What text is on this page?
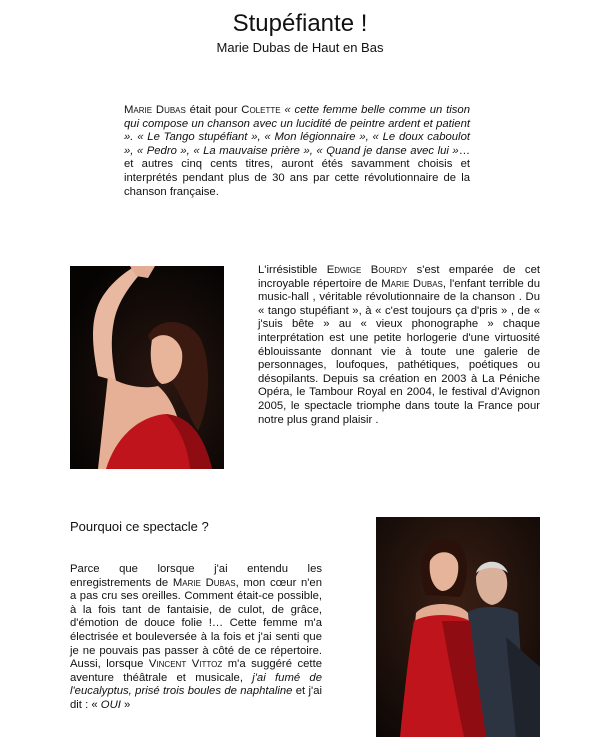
Stupéfiante !
Marie Dubas de Haut en Bas

Marie Dubas était pour Colette « cette femme belle comme un tison qui compose un chanson avec un lucidité de peintre ardent et patient ». « Le Tango stupéfiant », « Mon légionnaire », « Le doux caboulot », « Pedro », « La mauvaise prière », « Quand je danse avec lui »… et autres cinq cents titres, auront étés savamment choisis et interprétés pendant plus de 30 ans par cette révolutionnaire de la chanson française.

L'irrésistible Edwige Bourdy s'est emparée de cet incroyable répertoire de Marie Dubas, l'enfant terrible du music-hall , véritable révolutionnaire de la chanson . Du « tango stupéfiant », à « c'est toujours ça d'pris » , de « j'suis bête » au « vieux phonographe » chaque interprétation est une petite horlogerie d'une virtuosité éblouissante donnant vie à toute une galerie de personnages, loufoques, pathétiques, poétiques ou désopilants. Depuis sa création en 2003 à La Péniche Opéra, le Tambour Royal en 2004, le festival d'Avignon 2005, le spectacle triomphe dans toute la France pour notre plus grand plaisir .

Pourquoi ce spectacle ?

Parce que lorsque j'ai entendu les enregistrements de Marie Dubas, mon cœur n'en a pas cru ses oreilles. Comment était-ce possible, à la fois tant de fantaisie, de culot, de grâce, d'émotion de douce folie !… Cette femme m'a électrisée et bouleversée à la fois et j'ai senti que je ne pouvais pas passer à côté de ce répertoire. Aussi, lorsque Vincent Vittoz m'a suggéré cette aventure théâtrale et musicale, j'ai fumé de l'eucalyptus, prisé trois boules de naphtaline et j'ai dit : « OUI »
